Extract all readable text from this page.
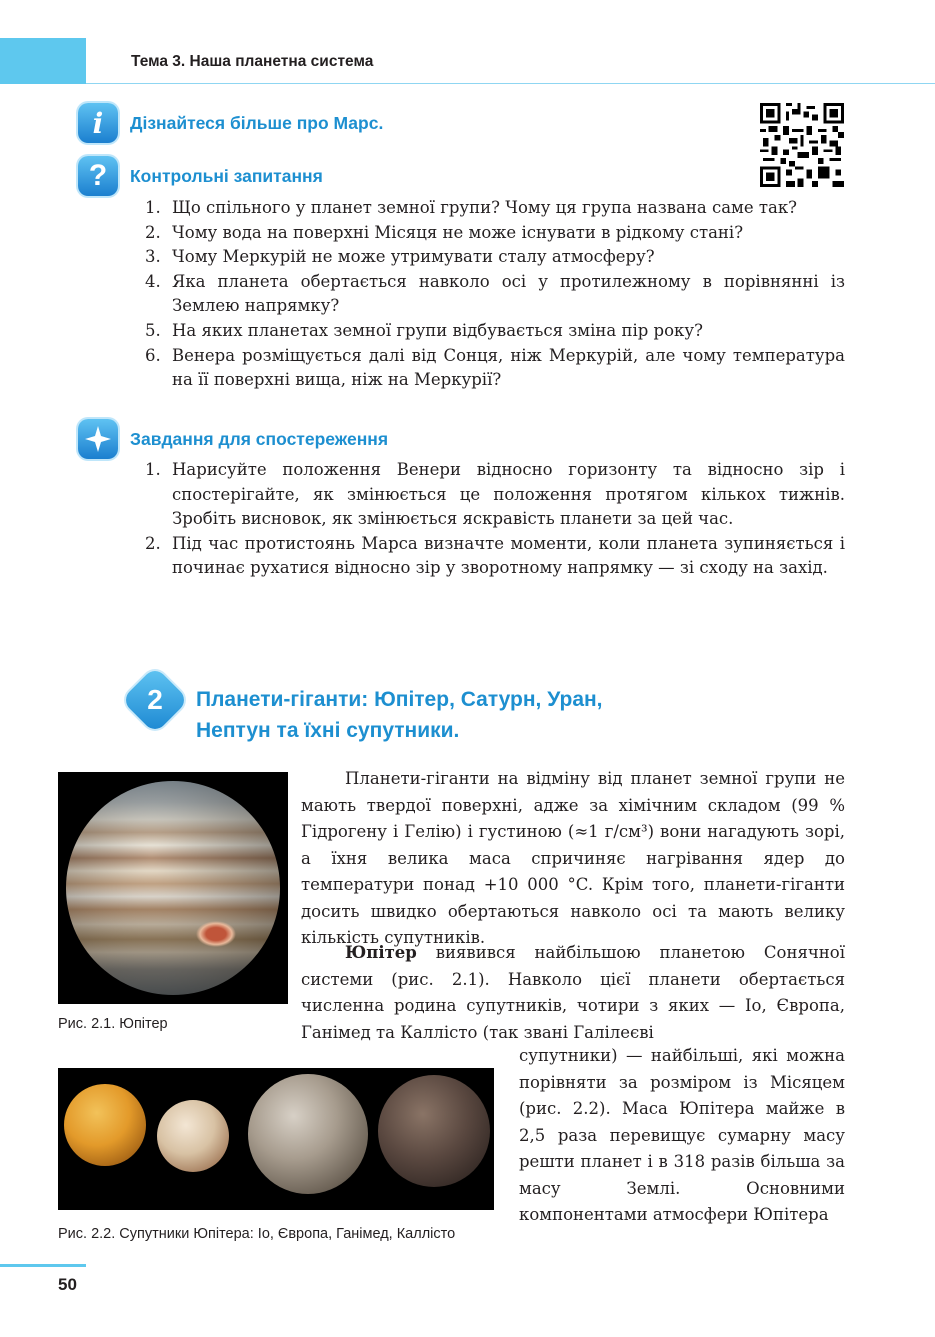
Тема 3. Наша планетна система
i	Дізнайтеся більше про Марс.
?	Контрольні запитання
1. Що спільного у планет земної групи? Чому ця група названа саме так?
2. Чому вода на поверхні Місяця не може існувати в рідкому стані?
3. Чому Меркурій не може утримувати сталу атмосферу?
4. Яка планета обертається навколо осі у протилежному в порівнянні із Землею напрямку?
5. На яких планетах земної групи відбувається зміна пір року?
6. Венера розміщується далі від Сонця, ніж Меркурій, але чому температура на її поверхні вища, ніж на Меркурії?
Завдання для спостереження
1. Нарисуйте положення Венери відносно горизонту та відносно зір і спостерігайте, як змінюється це положення протягом кількох тижнів. Зробіть висновок, як змінюється яскравість планети за цей час.
2. Під час протистоянь Марса визначте моменти, коли планета зупиняється і починає рухатися відносно зір у зворотному напрямку — зі сходу на захід.
2	Планети-гіганти: Юпітер, Сатурн, Уран,
Нептун та їхні супутники.
Рис. 2.1. Юпітер
Рис. 2.2. Супутники Юпітера: Іо, Європа, Ганімед, Каллісто

Планети-гіганти на відміну від планет земної групи не мають твердої поверхні, адже за хімічним складом (99 % Гідрогену і Гелію) і густиною (≈1 г/см³) вони нагадують зорі, а їхня велика маса спричиняє нагрівання ядер до температури понад +10 000 °C. Крім того, планети-гіганти досить швидко обертаються навколо осі та мають велику кількість супутників.

Юпітер виявився найбільшою планетою Сонячної системи (рис. 2.1). Навколо цієї планети обертається численна родина супутників, чотири з яких — Іо, Європа, Ганімед та Каллісто (так звані Галілеєві

супутники) — найбільші, які можна порівняти за розміром із Місяцем (рис. 2.2). Маса Юпітера майже в 2,5 раза перевищує сумарну масу решти планет і в 318 разів більша за масу Землі. Основними компонентами атмосфери Юпітера

50
